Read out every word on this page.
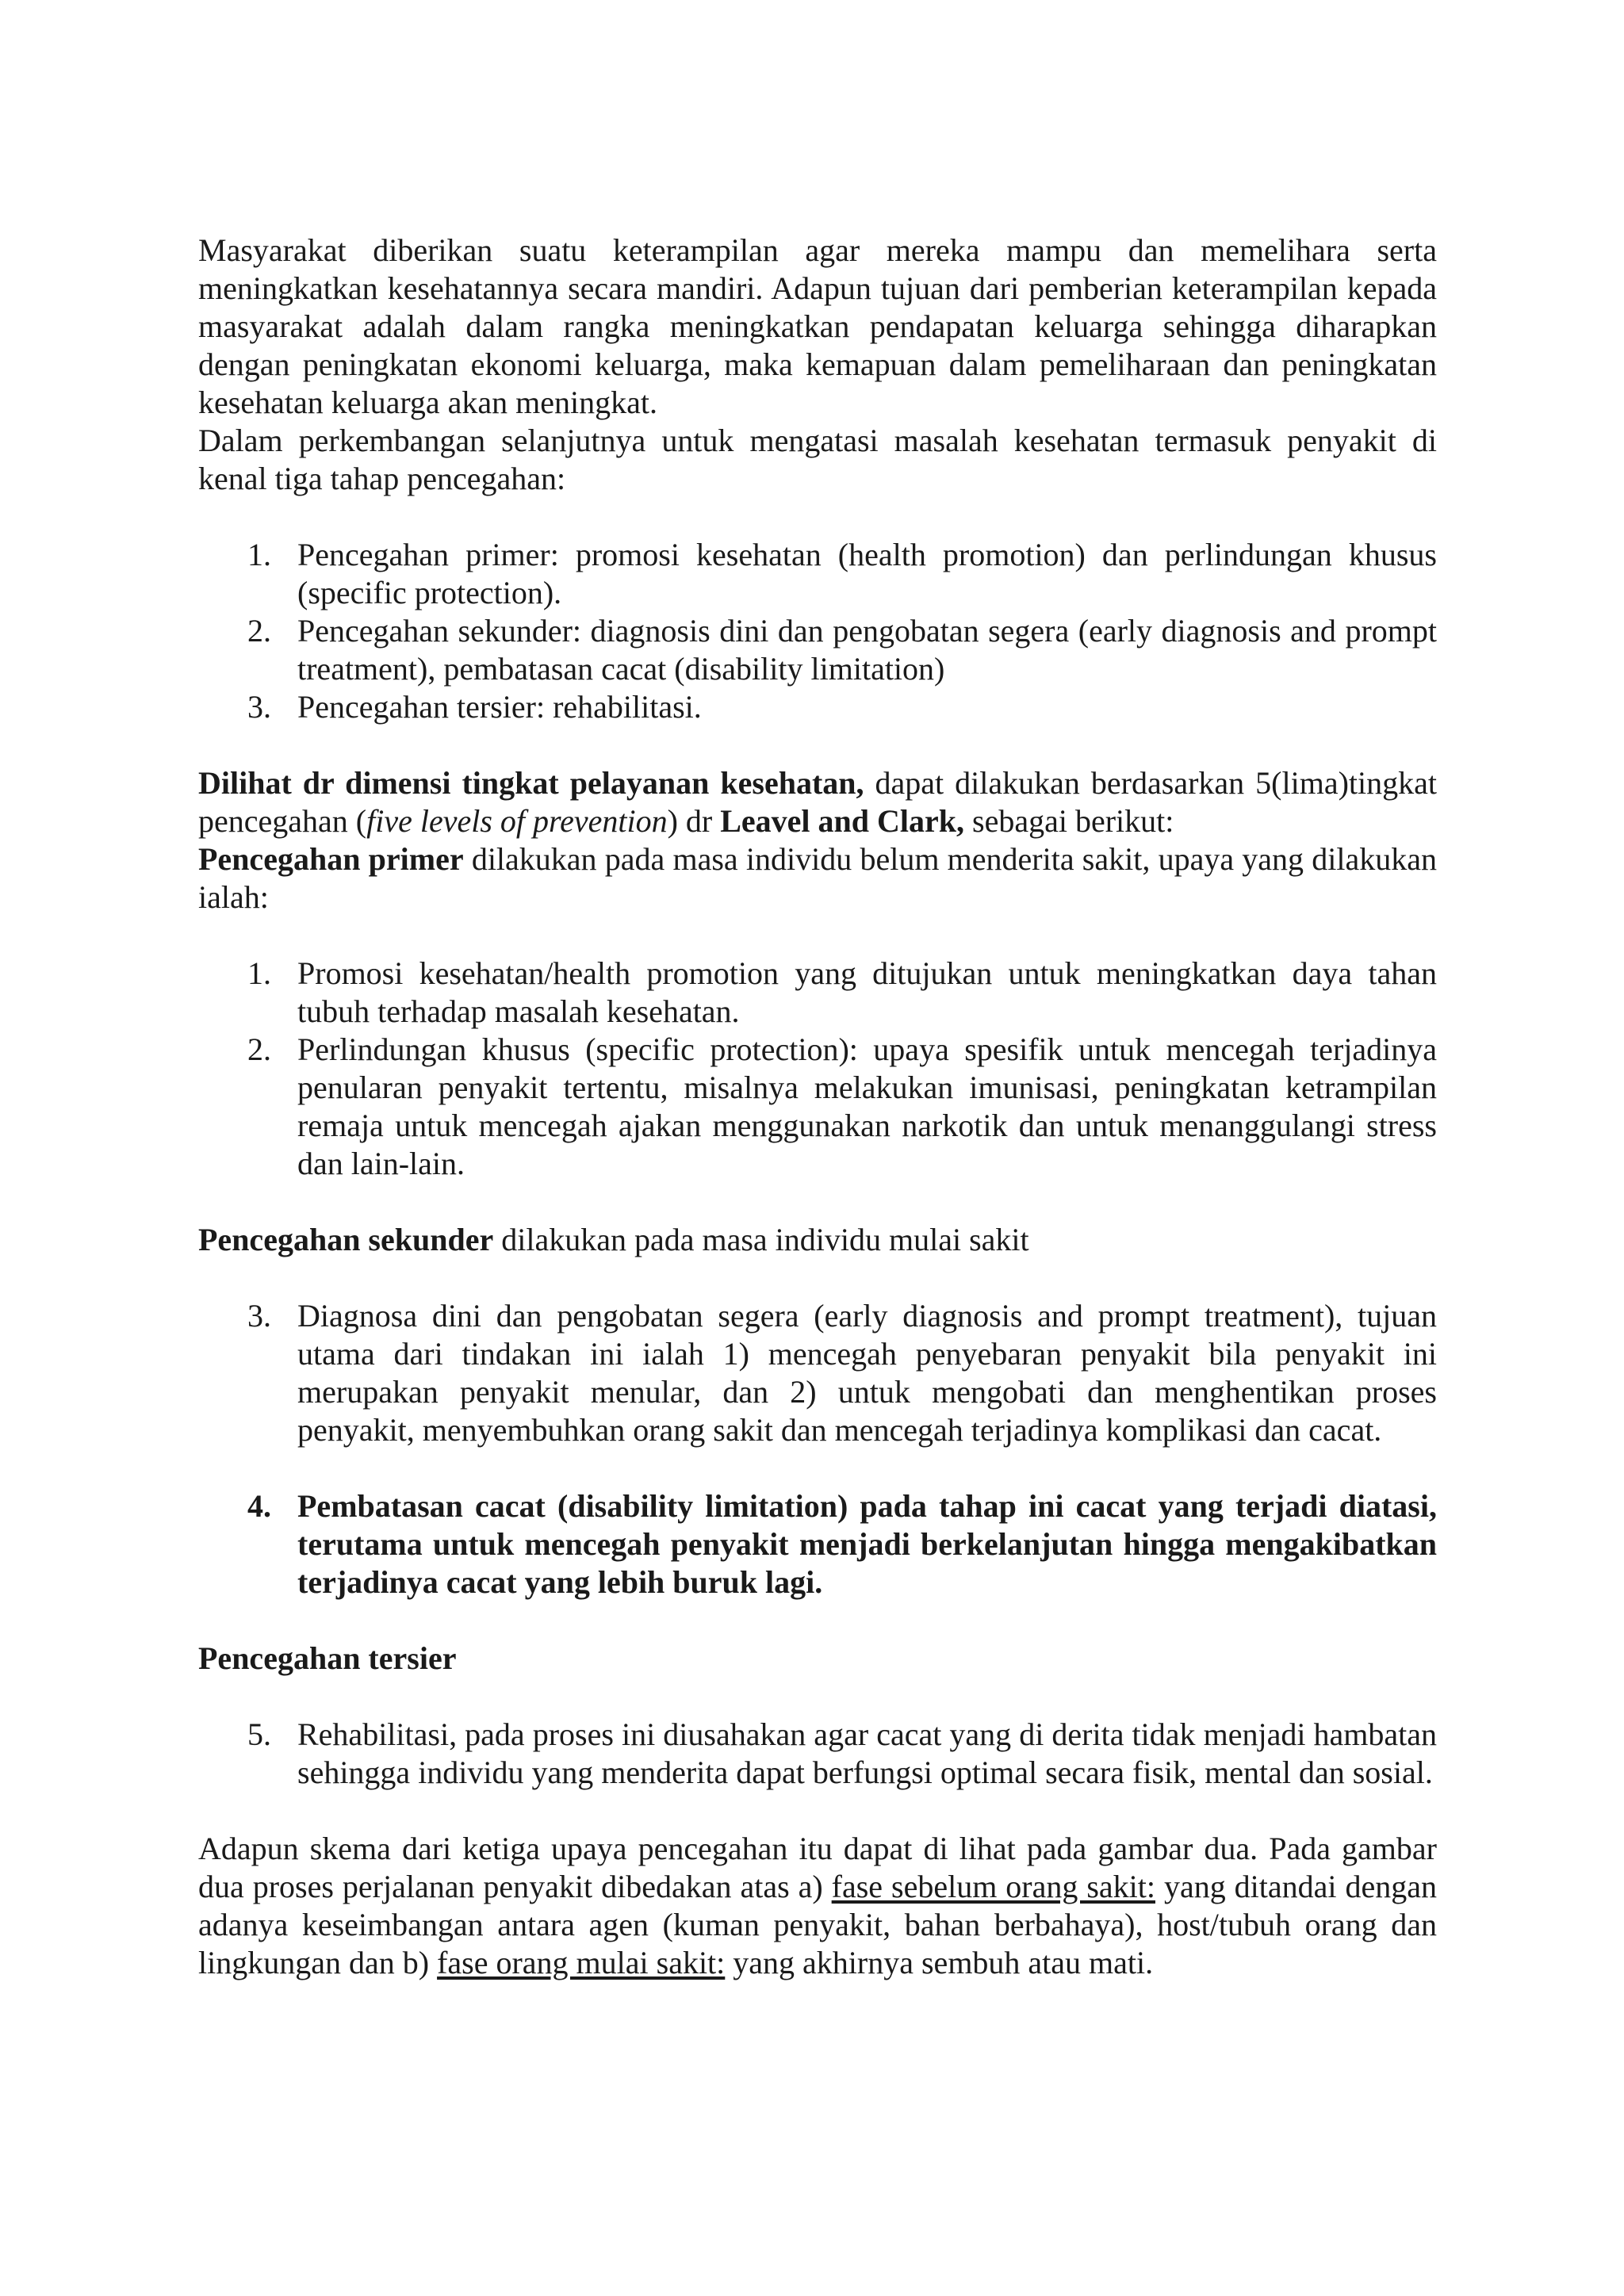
Masyarakat diberikan suatu keterampilan agar mereka mampu dan memelihara serta meningkatkan kesehatannya secara mandiri. Adapun tujuan dari pemberian keterampilan kepada masyarakat adalah dalam rangka meningkatkan pendapatan keluarga sehingga diharapkan dengan peningkatan ekonomi keluarga, maka kemapuan dalam pemeliharaan dan peningkatan kesehatan keluarga akan meningkat.

Dalam perkembangan selanjutnya untuk mengatasi masalah kesehatan termasuk penyakit di kenal tiga tahap pencegahan:

1. Pencegahan primer: promosi kesehatan (health promotion) dan perlindungan khusus (specific protection).
2. Pencegahan sekunder: diagnosis dini dan pengobatan segera (early diagnosis and prompt treatment), pembatasan cacat (disability limitation)
3. Pencegahan tersier: rehabilitasi.

Dilihat dr dimensi tingkat pelayanan kesehatan, dapat dilakukan berdasarkan 5(lima)tingkat pencegahan (five levels of prevention) dr Leavel and Clark, sebagai berikut:

Pencegahan primer dilakukan pada masa individu belum menderita sakit, upaya yang dilakukan ialah:

1. Promosi kesehatan/health promotion yang ditujukan untuk meningkatkan daya tahan tubuh terhadap masalah kesehatan.
2. Perlindungan khusus (specific protection): upaya spesifik untuk mencegah terjadinya penularan penyakit tertentu, misalnya melakukan imunisasi, peningkatan ketrampilan remaja untuk mencegah ajakan menggunakan narkotik dan untuk menanggulangi stress dan lain-lain.

Pencegahan sekunder dilakukan pada masa individu mulai sakit

3. Diagnosa dini dan pengobatan segera (early diagnosis and prompt treatment), tujuan utama dari tindakan ini ialah 1) mencegah penyebaran penyakit bila penyakit ini merupakan penyakit menular, dan 2) untuk mengobati dan menghentikan proses penyakit, menyembuhkan orang sakit dan mencegah terjadinya komplikasi dan cacat.
4. Pembatasan cacat (disability limitation) pada tahap ini cacat yang terjadi diatasi, terutama untuk mencegah penyakit menjadi berkelanjutan hingga mengakibatkan terjadinya cacat yang lebih buruk lagi.

Pencegahan tersier

5. Rehabilitasi, pada proses ini diusahakan agar cacat yang di derita tidak menjadi hambatan sehingga individu yang menderita dapat berfungsi optimal secara fisik, mental dan sosial.

Adapun skema dari ketiga upaya pencegahan itu dapat di lihat pada gambar dua. Pada gambar dua proses perjalanan penyakit dibedakan atas a) fase sebelum orang sakit: yang ditandai dengan adanya keseimbangan antara agen (kuman penyakit, bahan berbahaya), host/tubuh orang dan lingkungan dan b) fase orang mulai sakit: yang akhirnya sembuh atau mati.
